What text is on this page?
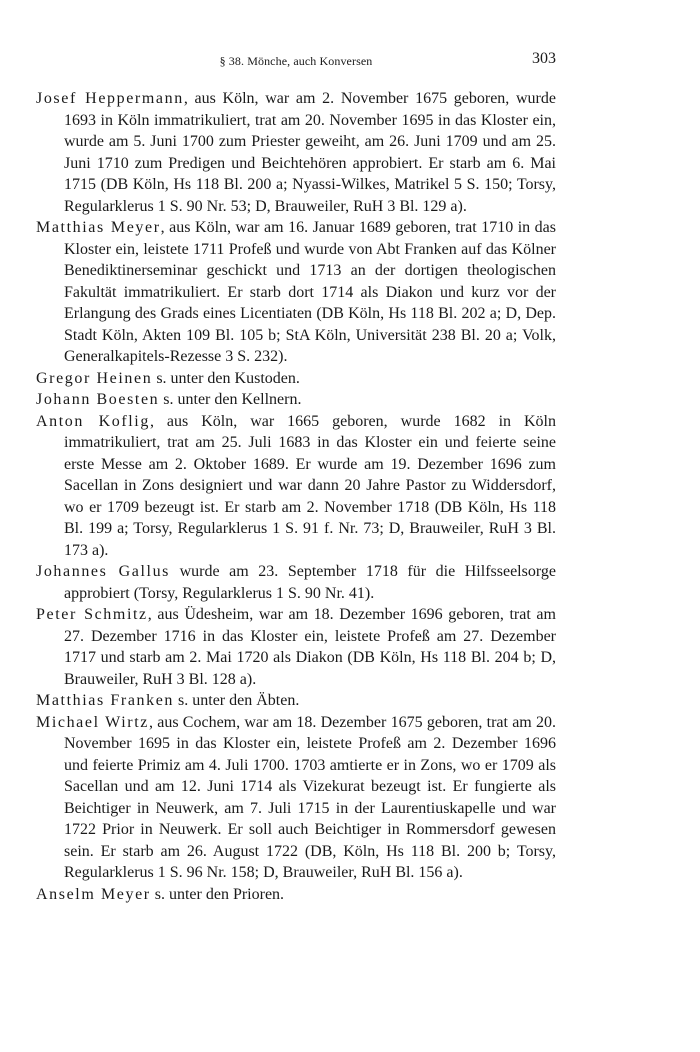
§ 38. Mönche, auch Konversen	303

Josef Heppermann, aus Köln, war am 2. November 1675 geboren, wurde 1693 in Köln immatrikuliert, trat am 20. November 1695 in das Kloster ein, wurde am 5. Juni 1700 zum Priester geweiht, am 26. Juni 1709 und am 25. Juni 1710 zum Predigen und Beichtehören approbiert. Er starb am 6. Mai 1715 (DB Köln, Hs 118 Bl. 200 a; Nyassi-Wilkes, Matrikel 5 S. 150; Torsy, Regularklerus 1 S. 90 Nr. 53; D, Brauweiler, RuH 3 Bl. 129 a).

Matthias Meyer, aus Köln, war am 16. Januar 1689 geboren, trat 1710 in das Kloster ein, leistete 1711 Profeß und wurde von Abt Franken auf das Kölner Benediktinerseminar geschickt und 1713 an der dortigen theologischen Fakultät immatrikuliert. Er starb dort 1714 als Diakon und kurz vor der Erlangung des Grads eines Licentiaten (DB Köln, Hs 118 Bl. 202 a; D, Dep. Stadt Köln, Akten 109 Bl. 105 b; StA Köln, Universität 238 Bl. 20 a; Volk, Generalkapitels-Rezesse 3 S. 232).

Gregor Heinen s. unter den Kustoden.

Johann Boesten s. unter den Kellnern.

Anton Koflig, aus Köln, war 1665 geboren, wurde 1682 in Köln immatrikuliert, trat am 25. Juli 1683 in das Kloster ein und feierte seine erste Messe am 2. Oktober 1689. Er wurde am 19. Dezember 1696 zum Sacellan in Zons designiert und war dann 20 Jahre Pastor zu Widdersdorf, wo er 1709 bezeugt ist. Er starb am 2. November 1718 (DB Köln, Hs 118 Bl. 199 a; Torsy, Regularklerus 1 S. 91 f. Nr. 73; D, Brauweiler, RuH 3 Bl. 173 a).

Johannes Gallus wurde am 23. September 1718 für die Hilfsseelsorge approbiert (Torsy, Regularklerus 1 S. 90 Nr. 41).

Peter Schmitz, aus Üdesheim, war am 18. Dezember 1696 geboren, trat am 27. Dezember 1716 in das Kloster ein, leistete Profeß am 27. Dezember 1717 und starb am 2. Mai 1720 als Diakon (DB Köln, Hs 118 Bl. 204 b; D, Brauweiler, RuH 3 Bl. 128 a).

Matthias Franken s. unter den Äbten.

Michael Wirtz, aus Cochem, war am 18. Dezember 1675 geboren, trat am 20. November 1695 in das Kloster ein, leistete Profeß am 2. Dezember 1696 und feierte Primiz am 4. Juli 1700. 1703 amtierte er in Zons, wo er 1709 als Sacellan und am 12. Juni 1714 als Vizekurat bezeugt ist. Er fungierte als Beichtiger in Neuwerk, am 7. Juli 1715 in der Laurentiuskapelle und war 1722 Prior in Neuwerk. Er soll auch Beichtiger in Rommersdorf gewesen sein. Er starb am 26. August 1722 (DB, Köln, Hs 118 Bl. 200 b; Torsy, Regularklerus 1 S. 96 Nr. 158; D, Brauweiler, RuH Bl. 156 a).

Anselm Meyer s. unter den Prioren.
